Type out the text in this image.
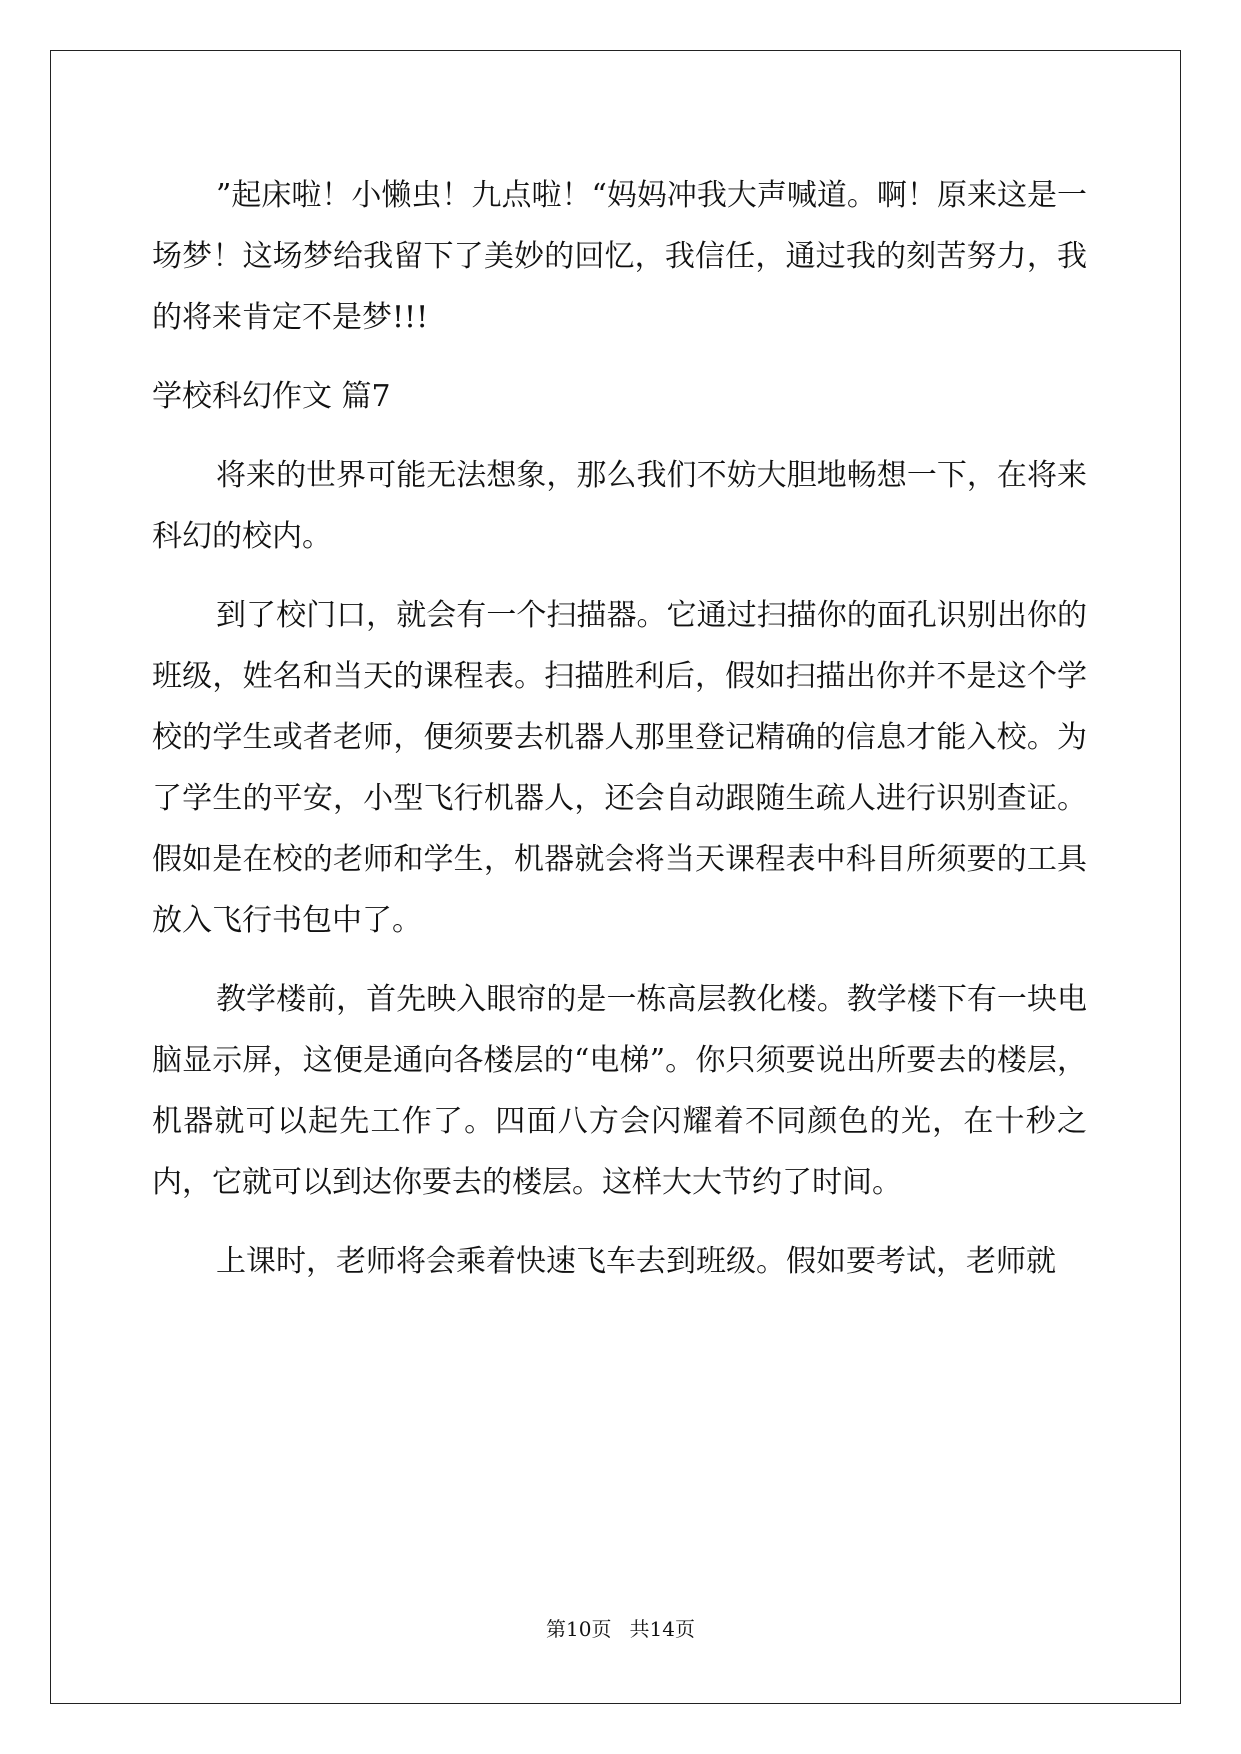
”起床啦！小懒虫！九点啦！“妈妈冲我大声喊道。啊！原来这是一场梦！这场梦给我留下了美妙的回忆，我信任，通过我的刻苦努力，我的将来肯定不是梦!!!

学校科幻作文 篇7

将来的世界可能无法想象，那么我们不妨大胆地畅想一下，在将来科幻的校内。

到了校门口，就会有一个扫描器。它通过扫描你的面孔识别出你的班级，姓名和当天的课程表。扫描胜利后，假如扫描出你并不是这个学校的学生或者老师，便须要去机器人那里登记精确的信息才能入校。为了学生的平安，小型飞行机器人，还会自动跟随生疏人进行识别查证。假如是在校的老师和学生，机器就会将当天课程表中科目所须要的工具放入飞行书包中了。

教学楼前，首先映入眼帘的是一栋高层教化楼。教学楼下有一块电脑显示屏，这便是通向各楼层的“电梯”。你只须要说出所要去的楼层，机器就可以起先工作了。四面八方会闪耀着不同颜色的光，在十秒之内，它就可以到达你要去的楼层。这样大大节约了时间。

上课时，老师将会乘着快速飞车去到班级。假如要考试，老师就

第10页 共14页
